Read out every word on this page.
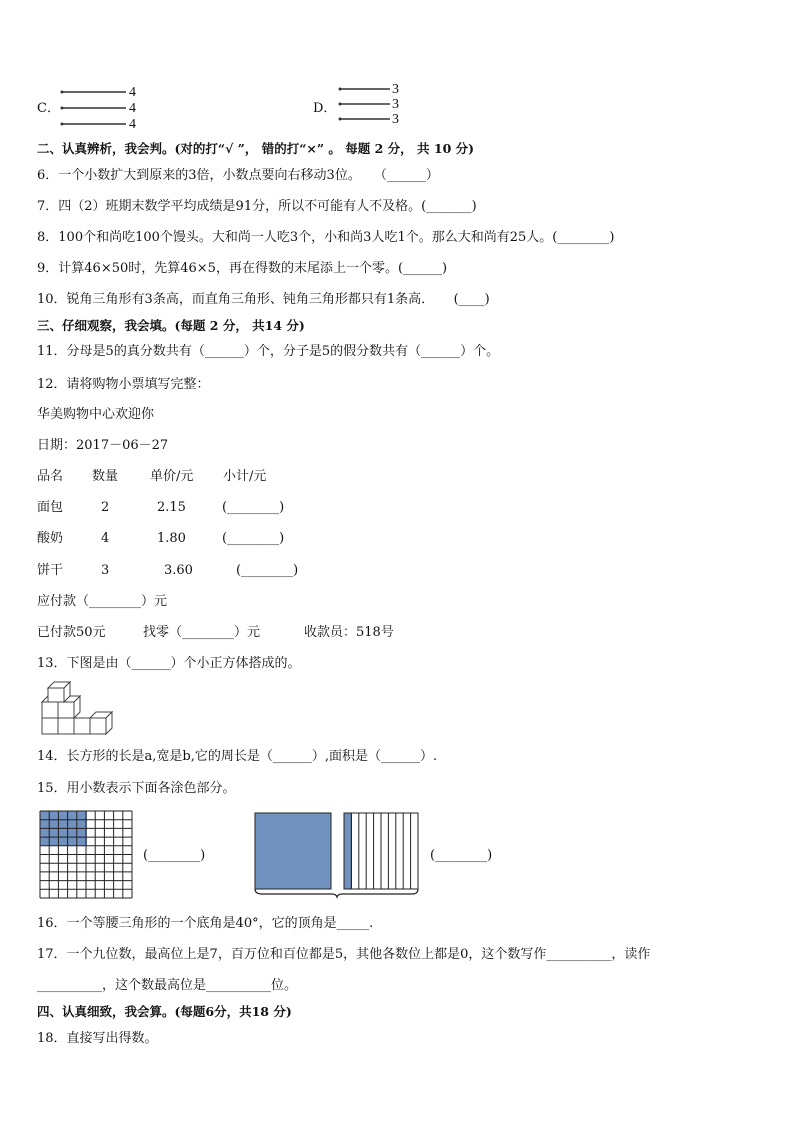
C．
4
4
4
D．
3
3
3
二、认真辨析，我会判。(对的打“√ ”， 错的打“×” 。 每题 2 分， 共 10 分)
6．一个小数扩大到原来的3倍，小数点要向右移动3位。　　（______）
7．四（2）班期末数学平均成绩是91分，所以不可能有人不及格。(_______)
8．100个和尚吃100个馒头。大和尚一人吃3个，小和尚3人吃1个。那么大和尚有25人。(________)
9．计算46×50时，先算46×5，再在得数的末尾添上一个零。(______)
10．锐角三角形有3条高，而直角三角形、钝角三角形都只有1条高．　　(____)
三、仔细观察，我会填。(每题 2 分， 共14 分)
11．分母是5的真分数共有（______）个，分子是5的假分数共有（______）个。
12．请将购物小票填写完整：
华美购物中心欢迎你
日期：2017－06－27
品名 数量 单价/元 小计/元
面包	2	2.15	(________)
酸奶	4	1.80	(________)
饼干	3	3.60	(________)
应付款（________）元
已付款50元	找零（________）元	收款员：518号
13．下图是由（______）个小正方体搭成的。
14．长方形的长是a,宽是b,它的周长是（______）,面积是（______）.
15．用小数表示下面各涂色部分。
(________)	(________)
16．一个等腰三角形的一个底角是40°，它的顶角是_____.
17．一个九位数，最高位上是7，百万位和百位都是5，其他各数位上都是0，这个数写作__________，读作
__________，这个数最高位是__________位。
四、认真细致，我会算。(每题6分，共18 分)
18．直接写出得数。
